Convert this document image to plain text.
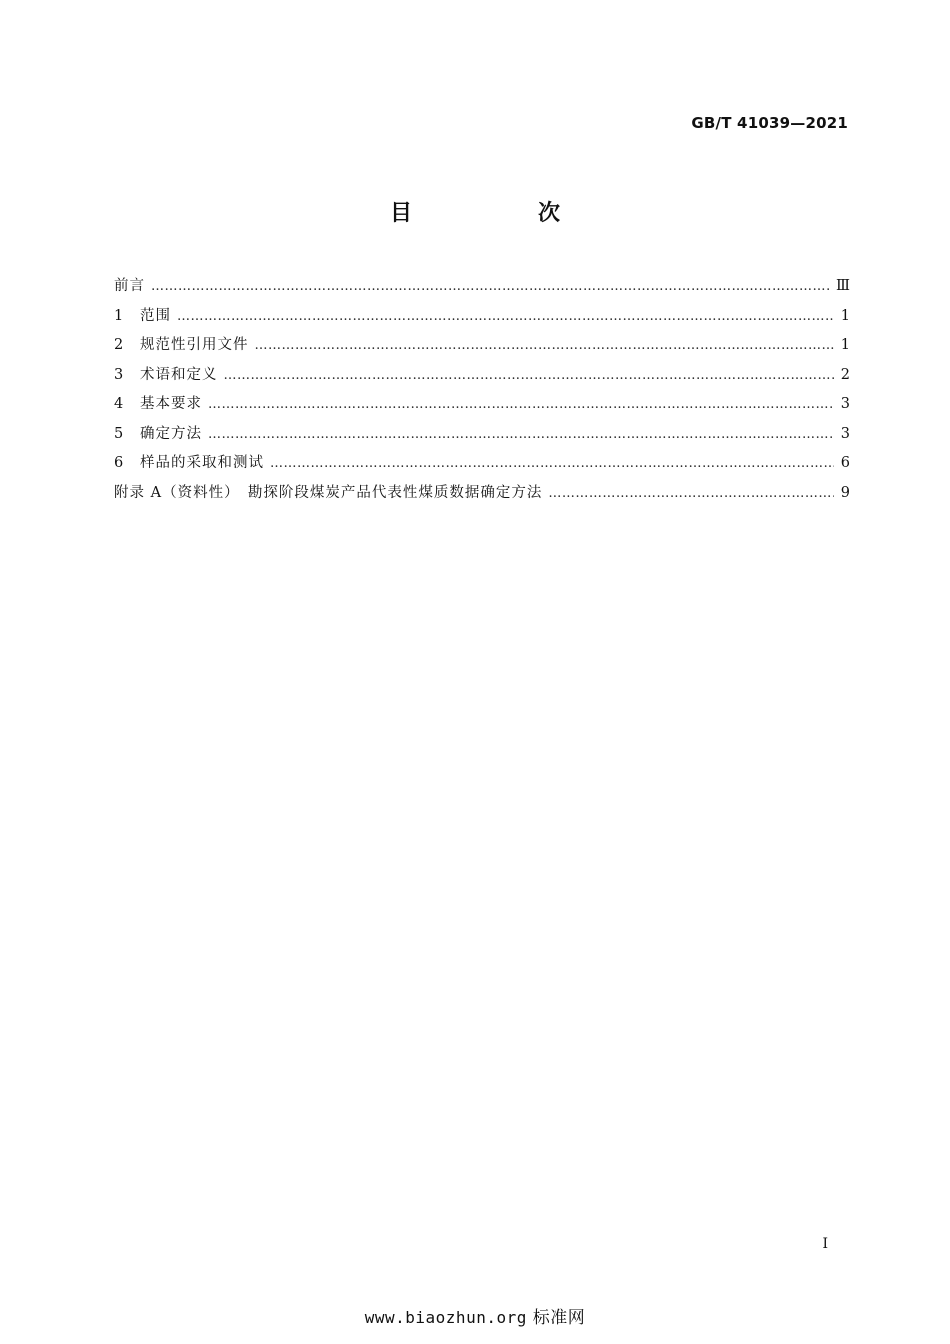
GB/T 41039—2021
目　次
前言 ………………………………………………………………………………………………………………………………………………………………………………………	Ⅲ
1	范围 ………………………………………………………………………………………………………………………………………………………………………………………	1
2	规范性引用文件 ………………………………………………………………………………………………………………………………………………………………………………………	1
3	术语和定义 ………………………………………………………………………………………………………………………………………………………………………………………	2
4	基本要求 ………………………………………………………………………………………………………………………………………………………………………………………	3
5	确定方法 ………………………………………………………………………………………………………………………………………………………………………………………	3
6	样品的采取和测试 ………………………………………………………………………………………………………………………………………………………………………………………	6
附录 A（资料性）　勘探阶段煤炭产品代表性煤质数据确定方法 ………………………………………………………………………………………………………………………………………………………………………………………	9
Ⅰ
www.biaozhun.org 标准网
